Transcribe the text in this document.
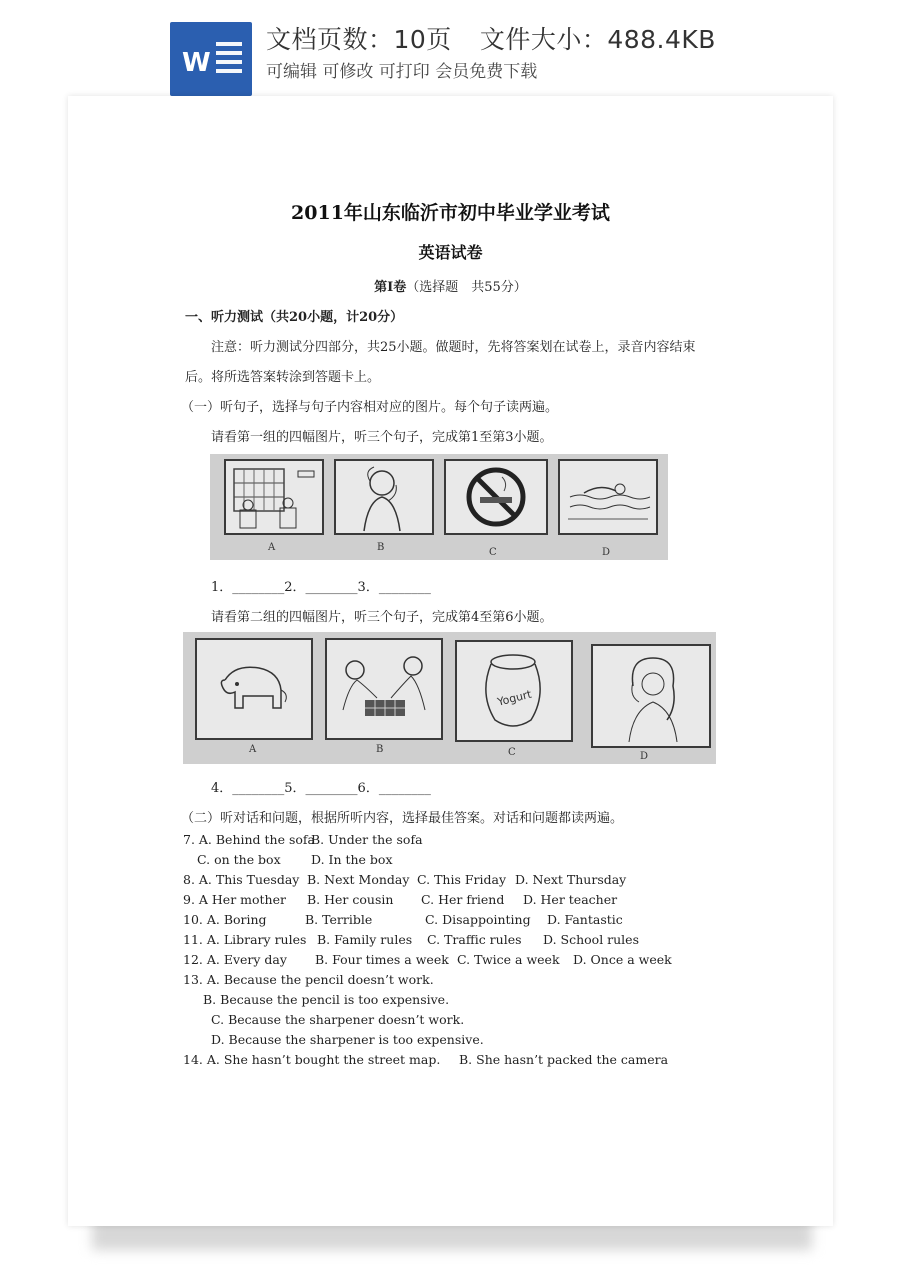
W
文档页数：10页 文件大小：488.4KB
可编辑 可修改 可打印 会员免费下载
2011年山东临沂市初中毕业学业考试
英语试卷
第Ⅰ卷（选择题　共55分）
一、听力测试（共20小题，计20分）
注意：听力测试分四部分，共25小题。做题时，先将答案划在试卷上，录音内容结束
后。将所选答案转涂到答题卡上。
（一）听句子，选择与句子内容相对应的图片。每个句子读两遍。
请看第一组的四幅图片，听三个句子，完成第1至第3小题。
A	B	C	D
1．________2．________3．________
请看第二组的四幅图片，听三个句子，完成第4至第6小题。
Yogurt
A	B	C	D
4．________5．________6．________
（二）听对话和问题，根据所听内容，选择最佳答案。对话和问题都读两遍。
7. A. Behind the sofa
B. Under the sofa
C. on the box D. In the box
8. A. This Tuesday B. Next Monday C. This Friday D. Next Thursday
9. A Her mother B. Her cousin C. Her friend D. Her teacher
10. A. Boring	B. Terrible	C. Disappointing D. Fantastic
11. A. Library rules B. Family rules C. Traffic rules D. School rules
12. A. Every day B. Four times a week C. Twice a week D. Once a week
13. A. Because the pencil doesn’t work.
B. Because the pencil is too expensive.
C. Because the sharpener doesn’t work.
D. Because the sharpener is too expensive.
14. A. She hasn’t bought the street map. B. She hasn’t packed the camera
